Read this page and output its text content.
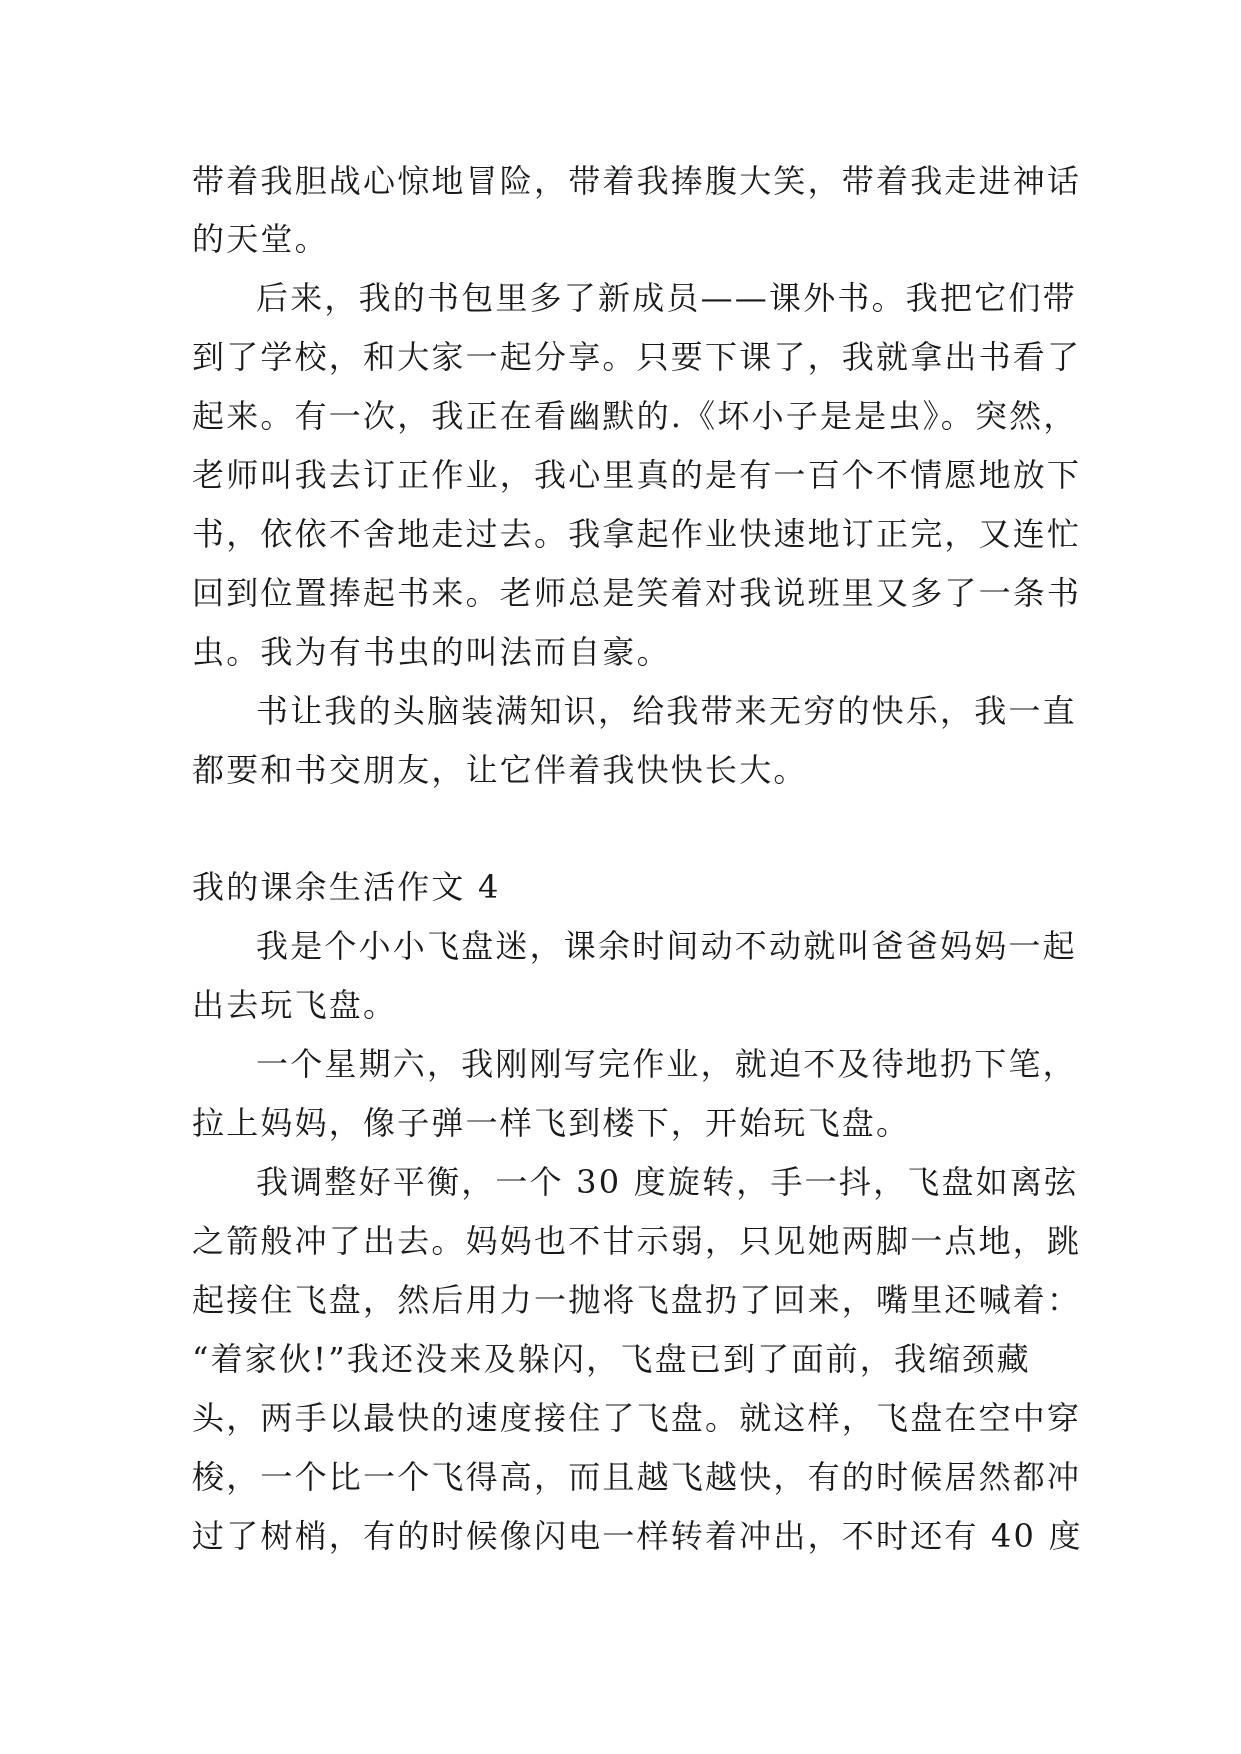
带着我胆战心惊地冒险，带着我捧腹大笑，带着我走进神话
的天堂。
后来，我的书包里多了新成员——课外书。我把它们带
到了学校，和大家一起分享。只要下课了，我就拿出书看了
起来。有一次，我正在看幽默的.《坏小子是是虫》。突然，
老师叫我去订正作业，我心里真的是有一百个不情愿地放下
书，依依不舍地走过去。我拿起作业快速地订正完，又连忙
回到位置捧起书来。老师总是笑着对我说班里又多了一条书
虫。我为有书虫的叫法而自豪。
书让我的头脑装满知识，给我带来无穷的快乐，我一直
都要和书交朋友，让它伴着我快快长大。
我的课余生活作文 4
我是个小小飞盘迷，课余时间动不动就叫爸爸妈妈一起
出去玩飞盘。
一个星期六，我刚刚写完作业，就迫不及待地扔下笔，
拉上妈妈，像子弹一样飞到楼下，开始玩飞盘。
我调整好平衡，一个 30 度旋转，手一抖，飞盘如离弦
之箭般冲了出去。妈妈也不甘示弱，只见她两脚一点地，跳
起接住飞盘，然后用力一抛将飞盘扔了回来，嘴里还喊着：
“着家伙!”我还没来及躲闪，飞盘已到了面前，我缩颈藏
头，两手以最快的速度接住了飞盘。就这样，飞盘在空中穿
梭，一个比一个飞得高，而且越飞越快，有的时候居然都冲
过了树梢，有的时候像闪电一样转着冲出，不时还有 40 度
